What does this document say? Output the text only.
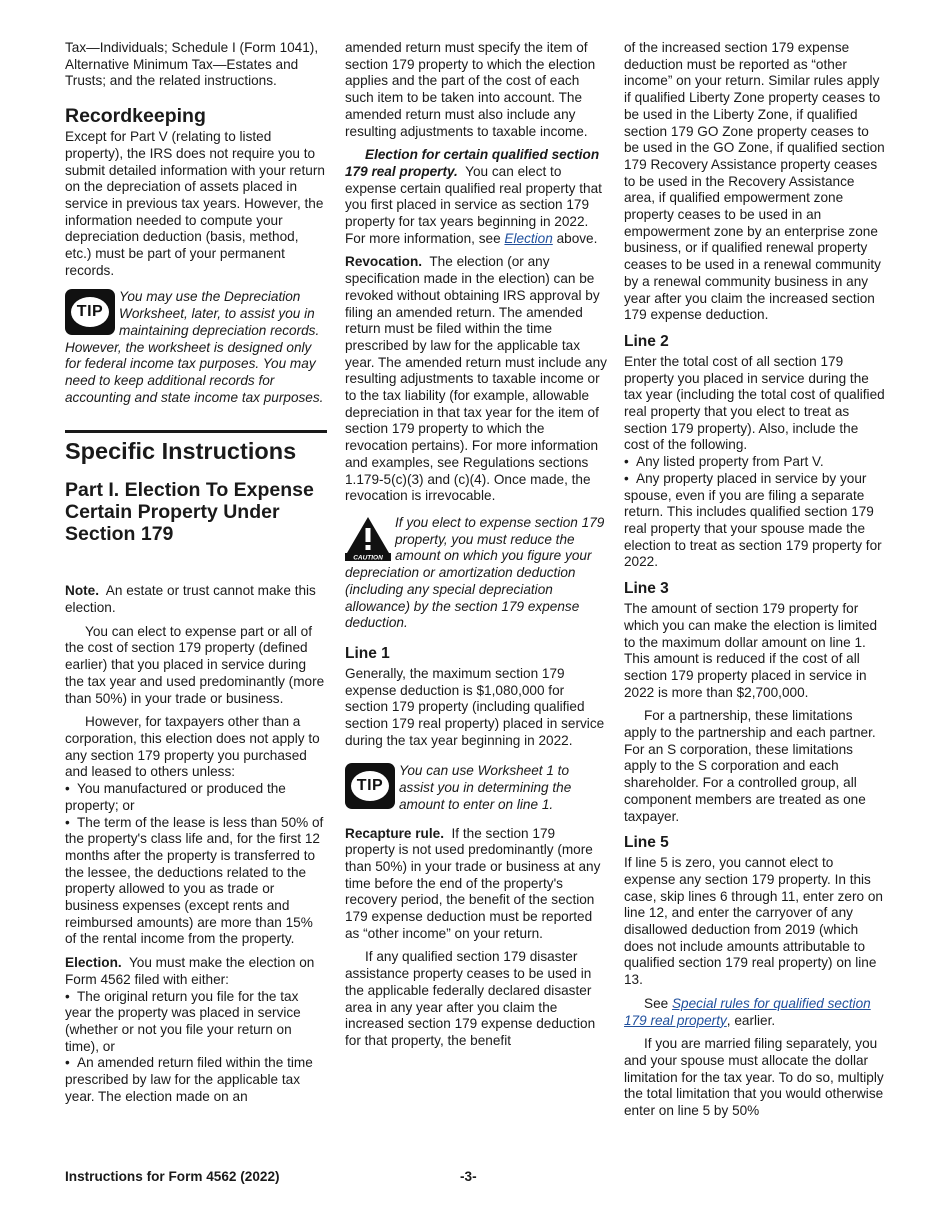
Tax—Individuals; Schedule I (Form 1041), Alternative Minimum Tax—Estates and Trusts; and the related instructions.

Recordkeeping

Except for Part V (relating to listed property), the IRS does not require you to submit detailed information with your return on the depreciation of assets placed in service in previous tax years. However, the information needed to compute your depreciation deduction (basis, method, etc.) must be part of your permanent records.

TIP
You may use the Depreciation Worksheet, later, to assist you in maintaining depreciation records. However, the worksheet is designed only for federal income tax purposes. You may need to keep additional records for accounting and state income tax purposes.
Specific Instructions
Part I. Election To Expense Certain Property Under Section 179

Note. An estate or trust cannot make this election.

You can elect to expense part or all of the cost of section 179 property (defined earlier) that you placed in service during the tax year and used predominantly (more than 50%) in your trade or business.

However, for taxpayers other than a corporation, this election does not apply to any section 179 property you purchased and leased to others unless:

• You manufactured or produced the property; or
• The term of the lease is less than 50% of the property's class life and, for the first 12 months after the property is transferred to the lessee, the deductions related to the property allowed to you as trade or business expenses (except rents and reimbursed amounts) are more than 15% of the rental income from the property.

Election. You must make the election on Form 4562 filed with either:

• The original return you file for the tax year the property was placed in service (whether or not you file your return on time), or
• An amended return filed within the time prescribed by law for the applicable tax year. The election made on an

amended return must specify the item of section 179 property to which the election applies and the part of the cost of each such item to be taken into account. The amended return must also include any resulting adjustments to taxable income.

Election for certain qualified section 179 real property. You can elect to expense certain qualified real property that you first placed in service as section 179 property for tax years beginning in 2022. For more information, see Election above.

Revocation. The election (or any specification made in the election) can be revoked without obtaining IRS approval by filing an amended return. The amended return must be filed within the time prescribed by law for the applicable tax year. The amended return must include any resulting adjustments to taxable income or to the tax liability (for example, allowable depreciation in that tax year for the item of section 179 property to which the revocation pertains). For more information and examples, see Regulations sections 1.179-5(c)(3) and (c)(4). Once made, the revocation is irrevocable.

CAUTION
If you elect to expense section 179 property, you must reduce the amount on which you figure your depreciation or amortization deduction (including any special depreciation allowance) by the section 179 expense deduction.
Line 1

Generally, the maximum section 179 expense deduction is $1,080,000 for section 179 property (including qualified section 179 real property) placed in service during the tax year beginning in 2022.

TIP
You can use Worksheet 1 to assist you in determining the amount to enter on line 1.

Recapture rule. If the section 179 property is not used predominantly (more than 50%) in your trade or business at any time before the end of the property's recovery period, the benefit of the section 179 expense deduction must be reported as “other income” on your return.

If any qualified section 179 disaster assistance property ceases to be used in the applicable federally declared disaster area in any year after you claim the increased section 179 expense deduction for that property, the benefit

of the increased section 179 expense deduction must be reported as “other income” on your return. Similar rules apply if qualified Liberty Zone property ceases to be used in the Liberty Zone, if qualified section 179 GO Zone property ceases to be used in the GO Zone, if qualified section 179 Recovery Assistance property ceases to be used in the Recovery Assistance area, if qualified empowerment zone property ceases to be used in an empowerment zone by an enterprise zone business, or if qualified renewal property ceases to be used in a renewal community by a renewal community business in any year after you claim the increased section 179 expense deduction.

Line 2

Enter the total cost of all section 179 property you placed in service during the tax year (including the total cost of qualified real property that you elect to treat as section 179 property). Also, include the cost of the following.

• Any listed property from Part V.
• Any property placed in service by your spouse, even if you are filing a separate return. This includes qualified section 179 real property that your spouse made the election to treat as section 179 property for 2022.
Line 3

The amount of section 179 property for which you can make the election is limited to the maximum dollar amount on line 1. This amount is reduced if the cost of all section 179 property placed in service in 2022 is more than $2,700,000.

For a partnership, these limitations apply to the partnership and each partner. For an S corporation, these limitations apply to the S corporation and each shareholder. For a controlled group, all component members are treated as one taxpayer.

Line 5

If line 5 is zero, you cannot elect to expense any section 179 property. In this case, skip lines 6 through 11, enter zero on line 12, and enter the carryover of any disallowed deduction from 2019 (which does not include amounts attributable to qualified section 179 real property) on line 13.

See Special rules for qualified section 179 real property, earlier.

If you are married filing separately, you and your spouse must allocate the dollar limitation for the tax year. To do so, multiply the total limitation that you would otherwise enter on line 5 by 50%

Instructions for Form 4562 (2022)	-3-
